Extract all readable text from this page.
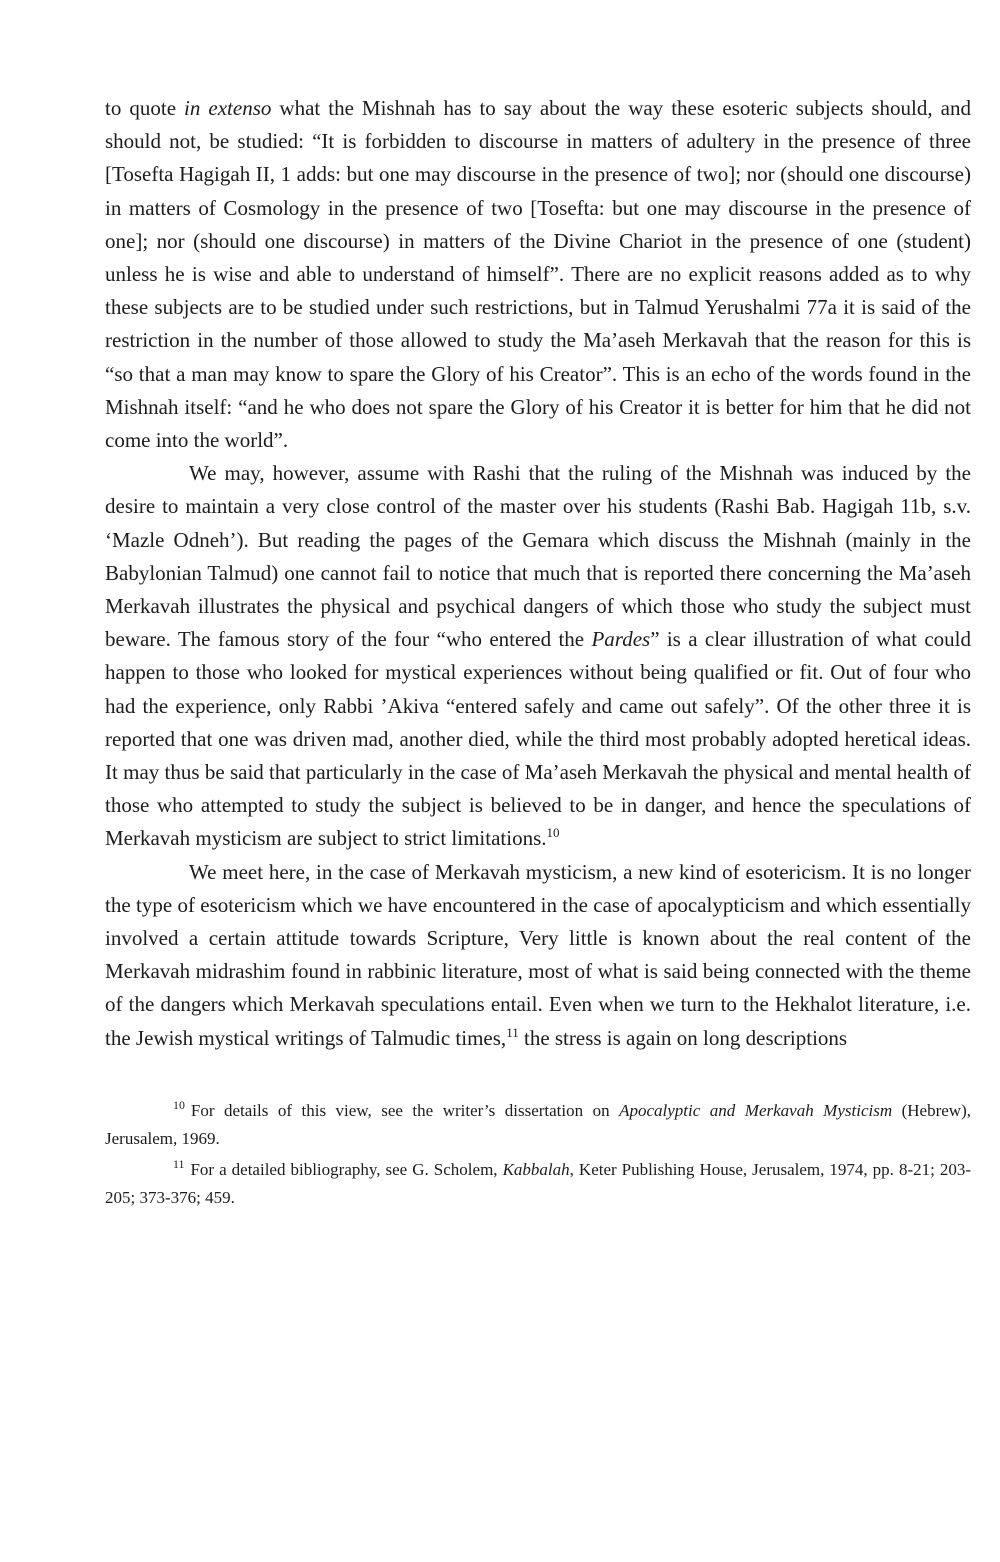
to quote in extenso what the Mishnah has to say about the way these esoteric subjects should, and should not, be studied: “It is forbidden to discourse in matters of adultery in the presence of three [Tosefta Hagigah II, 1 adds: but one may discourse in the presence of two]; nor (should one discourse) in matters of Cosmology in the presence of two [Tosefta: but one may discourse in the presence of one]; nor (should one discourse) in matters of the Divine Chariot in the presence of one (student) unless he is wise and able to understand of himself”. There are no explicit reasons added as to why these subjects are to be studied under such restrictions, but in Talmud Yerushalmi 77a it is said of the restriction in the number of those allowed to study the Ma’aseh Merkavah that the reason for this is “so that a man may know to spare the Glory of his Creator”. This is an echo of the words found in the Mishnah itself: “and he who does not spare the Glory of his Creator it is better for him that he did not come into the world”.

We may, however, assume with Rashi that the ruling of the Mishnah was induced by the desire to maintain a very close control of the master over his students (Rashi Bab. Hagigah 11b, s.v. ‘Mazle Odneh’). But reading the pages of the Gemara which discuss the Mishnah (mainly in the Babylonian Talmud) one cannot fail to notice that much that is reported there concerning the Ma’aseh Merkavah illustrates the physical and psychical dangers of which those who study the subject must beware. The famous story of the four “who entered the Pardes” is a clear illustration of what could happen to those who looked for mystical experiences without being qualified or fit. Out of four who had the experience, only Rabbi ’Akiva “entered safely and came out safely”. Of the other three it is reported that one was driven mad, another died, while the third most probably adopted heretical ideas. It may thus be said that particularly in the case of Ma’aseh Merkavah the physical and mental health of those who attempted to study the subject is believed to be in danger, and hence the speculations of Merkavah mysticism are subject to strict limitations.$^{10}$

We meet here, in the case of Merkavah mysticism, a new kind of esotericism. It is no longer the type of esotericism which we have encountered in the case of apocalypticism and which essentially involved a certain attitude towards Scripture, Very little is known about the real content of the Merkavah midrashim found in rabbinic literature, most of what is said being connected with the theme of the dangers which Merkavah speculations entail. Even when we turn to the Hekhalot literature, i.e. the Jewish mystical writings of Talmudic times,$^{11}$ the stress is again on long descriptions

$^{10}$ For details of this view, see the writer’s dissertation on Apocalyptic and Merkavah Mysticism (Hebrew), Jerusalem, 1969.

$^{11}$ For a detailed bibliography, see G. Scholem, Kabbalah, Keter Publishing House, Jerusalem, 1974, pp. 8-21; 203-205; 373-376; 459.
